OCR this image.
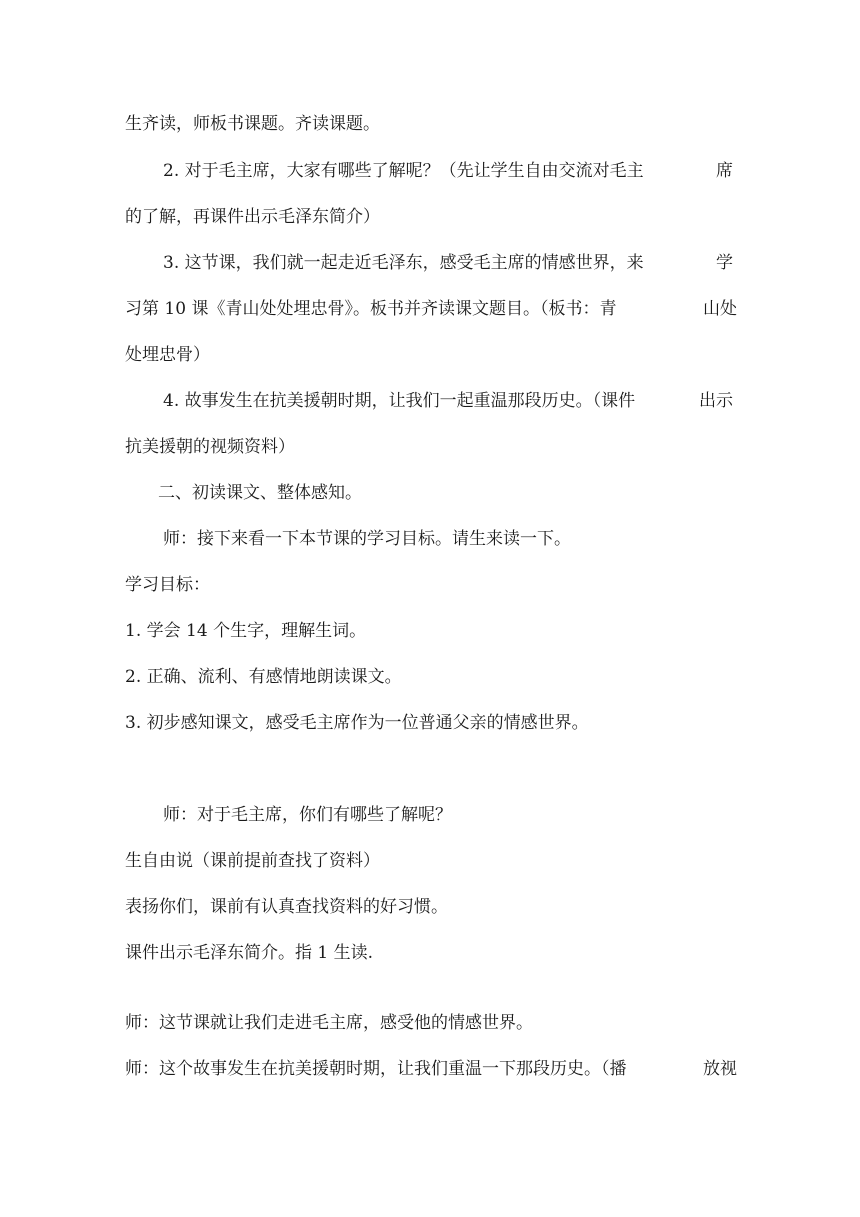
生齐读，师板书课题。齐读课题。
2. 对于毛主席，大家有哪些了解呢？（先让学生自由交流对毛主	席
的了解，再课件出示毛泽东简介）
3. 这节课，我们就一起走近毛泽东，感受毛主席的情感世界，来	学
习第 10 课《青山处处埋忠骨》。板书并齐读课文题目。（板书：青	山处
处埋忠骨）
4. 故事发生在抗美援朝时期，让我们一起重温那段历史。（课件	出示
抗美援朝的视频资料）
二、初读课文、整体感知。
师：接下来看一下本节课的学习目标。请生来读一下。
学习目标：
1. 学会 14 个生字，理解生词。
2. 正确、流利、有感情地朗读课文。
3. 初步感知课文，感受毛主席作为一位普通父亲的情感世界。
师：对于毛主席，你们有哪些了解呢？
生自由说（课前提前查找了资料）
表扬你们，课前有认真查找资料的好习惯。
课件出示毛泽东简介。指 1 生读.
师：这节课就让我们走进毛主席，感受他的情感世界。
师：这个故事发生在抗美援朝时期，让我们重温一下那段历史。（播	放视
